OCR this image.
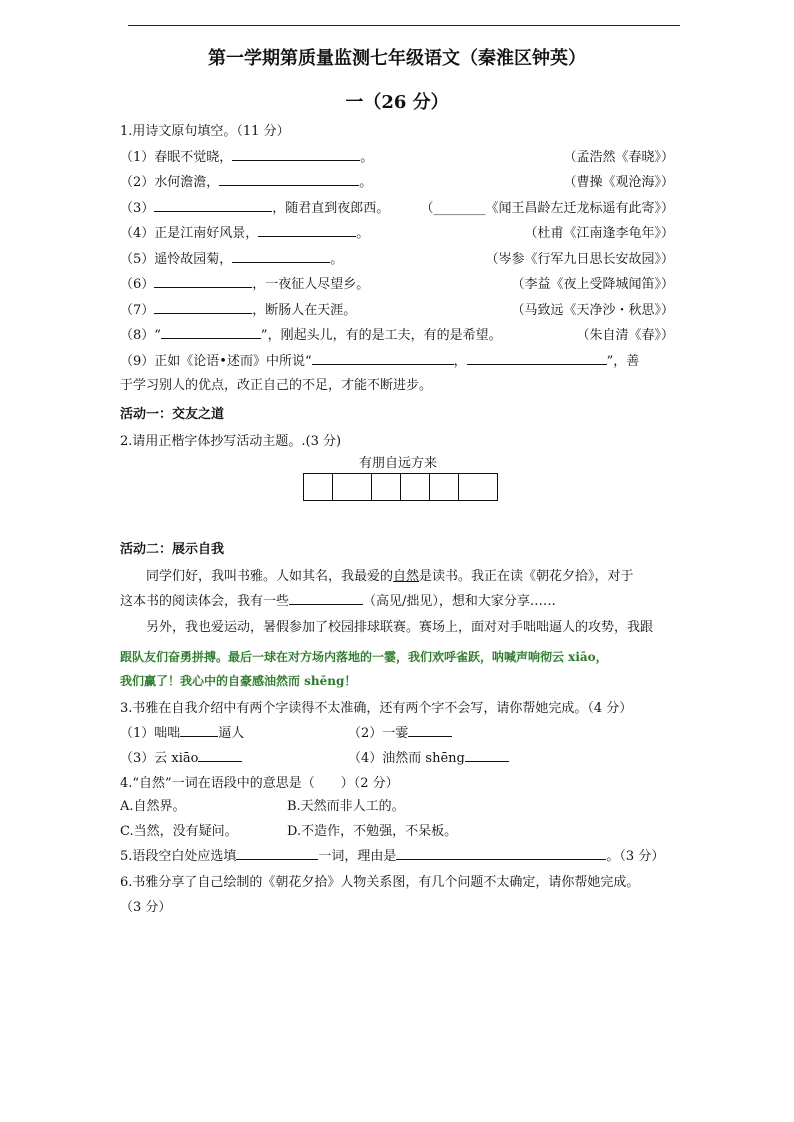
第一学期第质量监测七年级语文（秦淮区钟英）
一（26 分）
1.用诗文原句填空。（11 分）
（1）春眠不觉晓，	。	（孟浩然《春晓》）
（2）水何澹澹，	。	（曹操《观沧海》）
（3）	，随君直到夜郎西。 （________《闻王昌龄左迁龙标遥有此寄》）
（4）正是江南好风景，	。	（杜甫《江南逢李龟年》）
（5）遥怜故园菊，	。	（岑参《行军九日思长安故园》）
（6）	，一夜征人尽望乡。	（李益《夜上受降城闻笛》）
（7）	，断肠人在天涯。	（马致远《天净沙・秋思》）
（8）“	”，刚起头儿，有的是工夫，有的是希望。	（朱自清《春》）
（9）正如《论语•述而》中所说“	，	”，善
于学习别人的优点，改正自己的不足，才能不断进步。
活动一：交友之道
2.请用正楷字体抄写活动主题。.(3 分)
有朋自远方来
活动二：展示自我
同学们好，我叫书雅。人如其名，我最爱的自然是读书。我正在读《朝花夕拾》，对于
这本书的阅读体会，我有一些	（高见/拙见），想和大家分享……
另外，我也爱运动，暑假参加了校园排球联赛。赛场上，面对对手咄咄逼人的攻势，我跟
跟队友们奋勇拼搏。最后一球在对方场内落地的一霎，我们欢呼雀跃，呐喊声响彻云 xiāo，
我们赢了！我心中的自豪感油然而 shēng！
3.书雅在自我介绍中有两个字读得不太准确，还有两个字不会写，请你帮她完成。（4 分）
（1）咄咄	逼人	（2）一霎
（3）云 xiāo	（4）油然而 shēng
4.“自然”一词在语段中的意思是（　　）（2 分）
A.自然界。	B.天然而非人工的。
C.当然，没有疑问。	D.不造作，不勉强，不呆板。
5.语段空白处应选填	一词，理由是	。（3 分）
6.书雅分享了自己绘制的《朝花夕拾》人物关系图，有几个问题不太确定，请你帮她完成。
（3 分）
